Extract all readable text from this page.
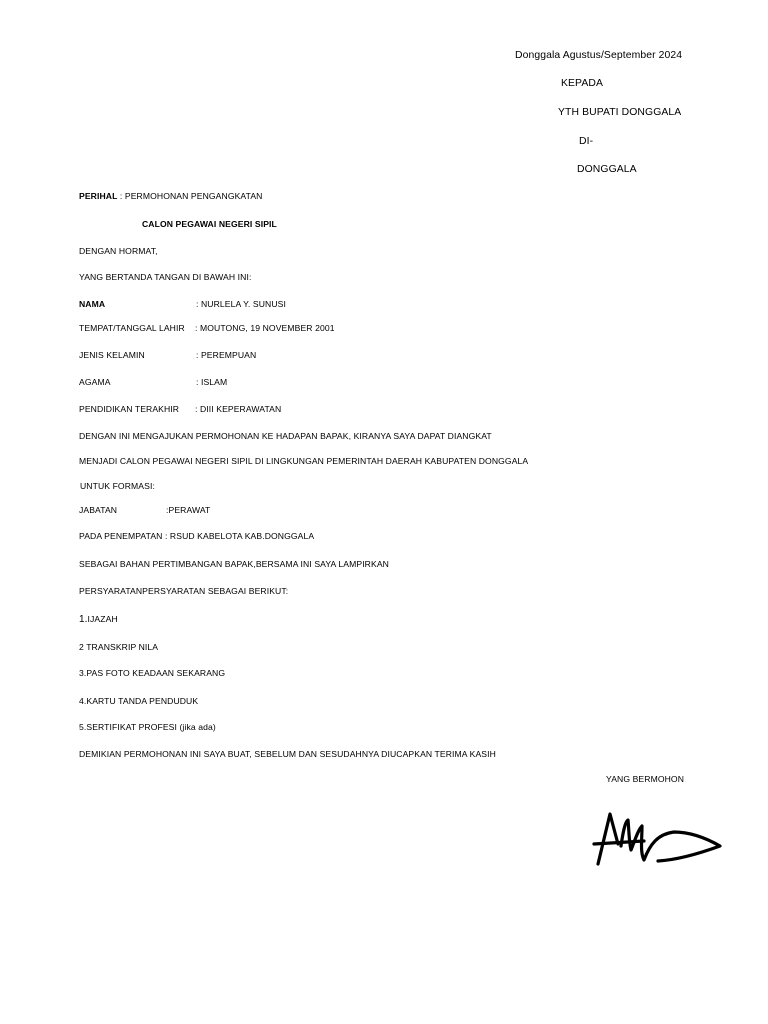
Donggala Agustus/September 2024
KEPADA
YTH BUPATI DONGGALA
DI-
DONGGALA
PERIHAL : PERMOHONAN PENGANGKATAN
CALON PEGAWAI NEGERI SIPIL
DENGAN HORMAT,
YANG BERTANDA TANGAN DI BAWAH INI:
NAMA	: NURLELA Y. SUNUSI
TEMPAT/TANGGAL LAHIR : MOUTONG, 19 NOVEMBER 2001
JENIS KELAMIN	: PEREMPUAN
AGAMA	: ISLAM
PENDIDIKAN TERAKHIR : DIII KEPERAWATAN
DENGAN INI MENGAJUKAN PERMOHONAN KE HADAPAN BAPAK, KIRANYA SAYA DAPAT DIANGKAT
MENJADI CALON PEGAWAI NEGERI SIPIL DI LINGKUNGAN PEMERINTAH DAERAH KABUPATEN DONGGALA
UNTUK FORMASI:
JABATAN	:PERAWAT
PADA PENEMPATAN : RSUD KABELOTA KAB.DONGGALA
SEBAGAI BAHAN PERTIMBANGAN BAPAK,BERSAMA INI SAYA LAMPIRKAN
PERSYARATANPERSYARATAN SEBAGAI BERIKUT:
1.IJAZAH
2 TRANSKRIP NILA
3.PAS FOTO KEADAAN SEKARANG
4.KARTU TANDA PENDUDUK
5.SERTIFIKAT PROFESI (jika ada)
DEMIKIAN PERMOHONAN INI SAYA BUAT, SEBELUM DAN SESUDAHNYA DIUCAPKAN TERIMA KASIH
YANG BERMOHON
